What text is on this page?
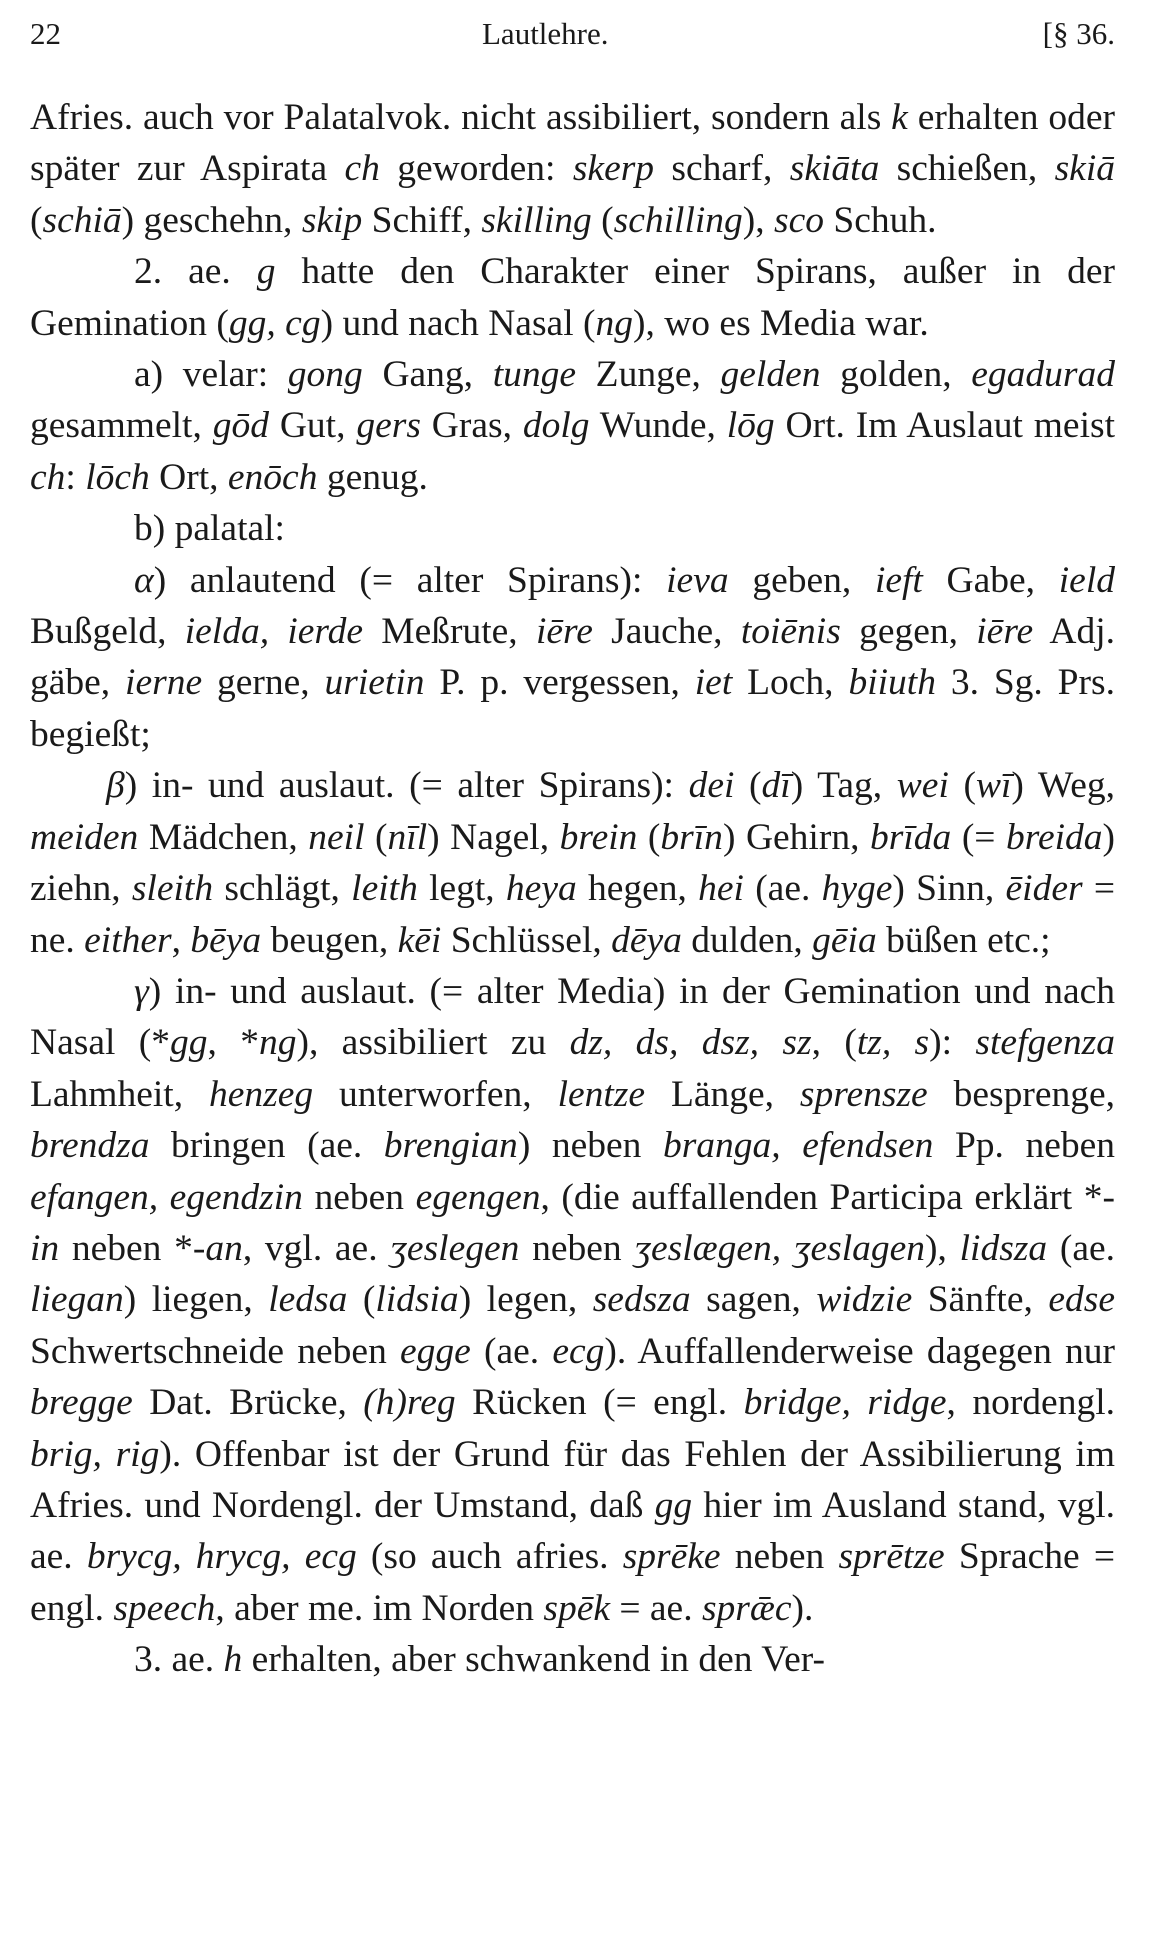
22	Lautlehre.	[§ 36.

Afries. auch vor Palatalvok. nicht assibiliert, sondern als k erhalten oder später zur Aspirata ch geworden: skerp scharf, skiāta schießen, skiā (schiā) geschehn, skip Schiff, skilling (schilling), sco Schuh.

2. ae. g hatte den Charakter einer Spirans, außer in der Gemination (gg, cg) und nach Nasal (ng), wo es Media war.

a) velar: gong Gang, tunge Zunge, gelden golden, egadurad gesammelt, gōd Gut, gers Gras, dolg Wunde, lōg Ort. Im Auslaut meist ch: lōch Ort, enōch genug.

b) palatal:

α) anlautend (= alter Spirans): ieva geben, ieft Gabe, ield Bußgeld, ielda, ierde Meßrute, iēre Jauche, toiēnis gegen, iēre Adj. gäbe, ierne gerne, urietin P. p. vergessen, iet Loch, biiuth 3. Sg. Prs. begießt;

β) in- und auslaut. (= alter Spirans): dei (dī) Tag, wei (wī) Weg, meiden Mädchen, neil (nīl) Nagel, brein (brīn) Gehirn, brīda (= breida) ziehn, sleith schlägt, leith legt, heya hegen, hei (ae. hyge) Sinn, ēider = ne. either, bēya beugen, kēi Schlüssel, dēya dulden, gēia büßen etc.;

γ) in- und auslaut. (= alter Media) in der Gemination und nach Nasal (*gg, *ng), assibiliert zu dz, ds, dsz, sz, (tz, s): stefgenza Lahmheit, henzeg unterworfen, lentze Länge, sprensze besprenge, brendza bringen (ae. brengian) neben branga, efendsen Pp. neben efangen, egendzin neben egengen, (die auffallenden Participa erklärt *-in neben *-an, vgl. ae. ʒeslegen neben ʒeslægen, ʒeslagen), lidsza (ae. liegan) liegen, ledsa (lidsia) legen, sedsza sagen, widzie Sänfte, edse Schwertschneide neben egge (ae. ecg). Auffallenderweise dagegen nur bregge Dat. Brücke, (h)reg Rücken (= engl. bridge, ridge, nordengl. brig, rig). Offenbar ist der Grund für das Fehlen der Assibilierung im Afries. und Nordengl. der Umstand, daß gg hier im Ausland stand, vgl. ae. brycg, hrycg, ecg (so auch afries. sprēke neben sprētze Sprache = engl. speech, aber me. im Norden spēk = ae. sprǣc).

3. ae. h erhalten, aber schwankend in den Ver-
